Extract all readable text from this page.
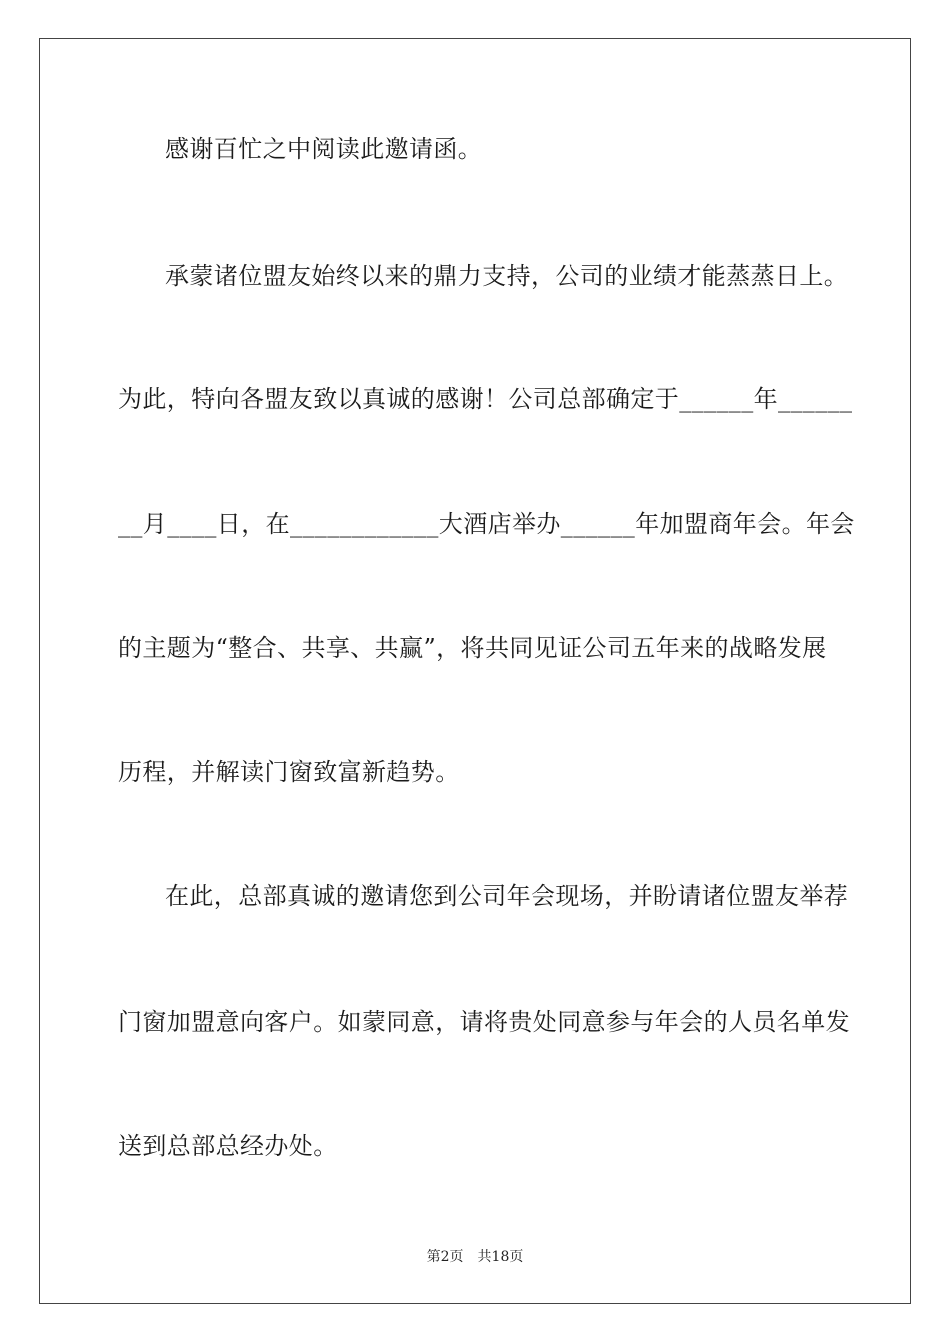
感谢百忙之中阅读此邀请函。
承蒙诸位盟友始终以来的鼎力支持，公司的业绩才能蒸蒸日上。
为此，特向各盟友致以真诚的感谢！公司总部确定于______年______
__月____日，在____________大酒店举办______年加盟商年会。年会
的主题为“整合、共享、共赢”，将共同见证公司五年来的战略发展
历程，并解读门窗致富新趋势。
在此，总部真诚的邀请您到公司年会现场，并盼请诸位盟友举荐
门窗加盟意向客户。如蒙同意，请将贵处同意参与年会的人员名单发
送到总部总经办处。
第2页 共18页
